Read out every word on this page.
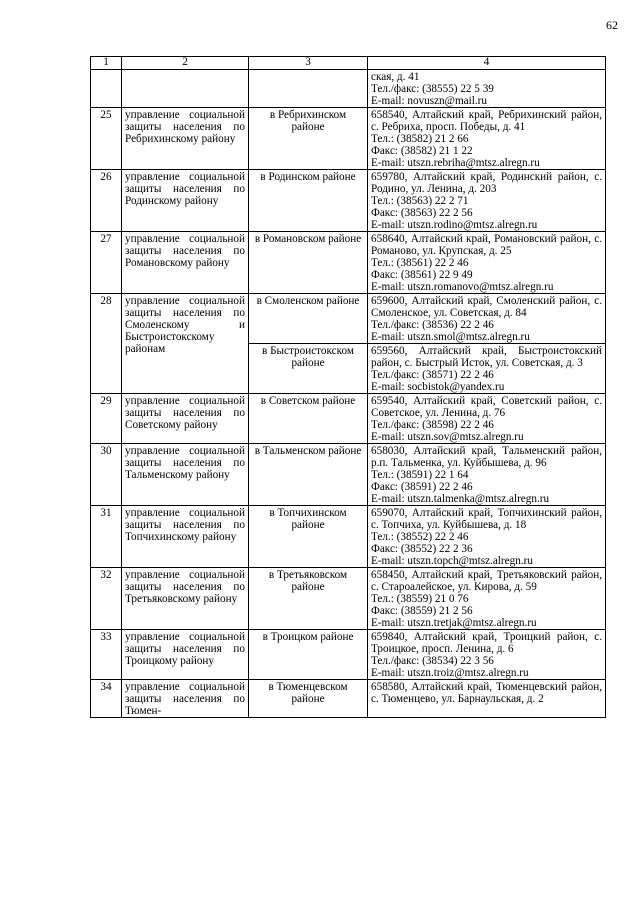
62
1	2	3	4

			ская, д. 41
Тел./факс: (38555) 22 5 39
E-mail: novuszn@mail.ru

25	управление социальной защиты населения по Ребрихинскому району	в Ребрихинском районе	658540, Алтайский край, Ребрихинский район, с. Ребриха, просп. Победы, д. 41
Тел.: (38582) 21 2 66
Факс: (38582) 21 1 22
E-mail: utszn.rebriha@mtsz.alregn.ru

26	управление социальной защиты населения по Родинскому району	в Родинском районе	659780, Алтайский край, Родинский район, с. Родино, ул. Ленина, д. 203
Тел.: (38563) 22 2 71
Факс: (38563) 22 2 56
E-mail: utszn.rodino@mtsz.alregn.ru

27	управление социальной защиты населения по Романовскому району	в Романовском районе	658640, Алтайский край, Романовский район, с. Романово, ул. Крупская, д. 25
Тел.: (38561) 22 2 46
Факс: (38561) 22 9 49
E-mail: utszn.romanovo@mtsz.alregn.ru

28	управление социальной защиты населения по Смоленскому и Быстроистокскому районам	в Смоленском районе	659600, Алтайский край, Смоленский район, с. Смоленское, ул. Советская, д. 84
Тел./факс: (38536) 22 2 46
E-mail: utszn.smol@mtsz.alregn.ru

		в Быстроистокском районе	659560, Алтайский край, Быстроистокский район, с. Быстрый Исток, ул. Советская, д. 3
Тел./факс: (38571) 22 2 46
E-mail: socbistok@yandex.ru

29	управление социальной защиты населения по Советскому району	в Советском районе	659540, Алтайский край, Советский район, с. Советское, ул. Ленина, д. 76
Тел./факс: (38598) 22 2 46
E-mail: utszn.sov@mtsz.alregn.ru

30	управление социальной защиты населения по Тальменскому району	в Тальменском районе	658030, Алтайский край, Тальменский район, р.п. Тальменка, ул. Куйбышева, д. 96
Тел.: (38591) 22 1 64
Факс: (38591) 22 2 46
E-mail: utszn.talmenka@mtsz.alregn.ru

31	управление социальной защиты населения по Топчихинскому району	в Топчихинском районе	659070, Алтайский край, Топчихинский район, с. Топчиха, ул. Куйбышева, д. 18
Тел.: (38552) 22 2 46
Факс: (38552) 22 2 36
E-mail: utszn.topch@mtsz.alregn.ru

32	управление социальной защиты населения по Третьяковскому району	в Третьяковском районе	658450, Алтайский край, Третьяковский район, с. Староалейское, ул. Кирова, д. 59
Тел.: (38559) 21 0 76
Факс: (38559) 21 2 56
E-mail: utszn.tretjak@mtsz.alregn.ru

33	управление социальной защиты населения по Троицкому району	в Троицком районе	659840, Алтайский край, Троицкий район, с. Троицкое, просп. Ленина, д. 6
Тел./факс: (38534) 22 3 56
E-mail: utszn.troiz@mtsz.alregn.ru

34	управление социальной защиты населения по Тюмен-	в Тюменцевском районе	658580, Алтайский край, Тюменцевский район, с. Тюменцево, ул. Барнаульская, д. 2
